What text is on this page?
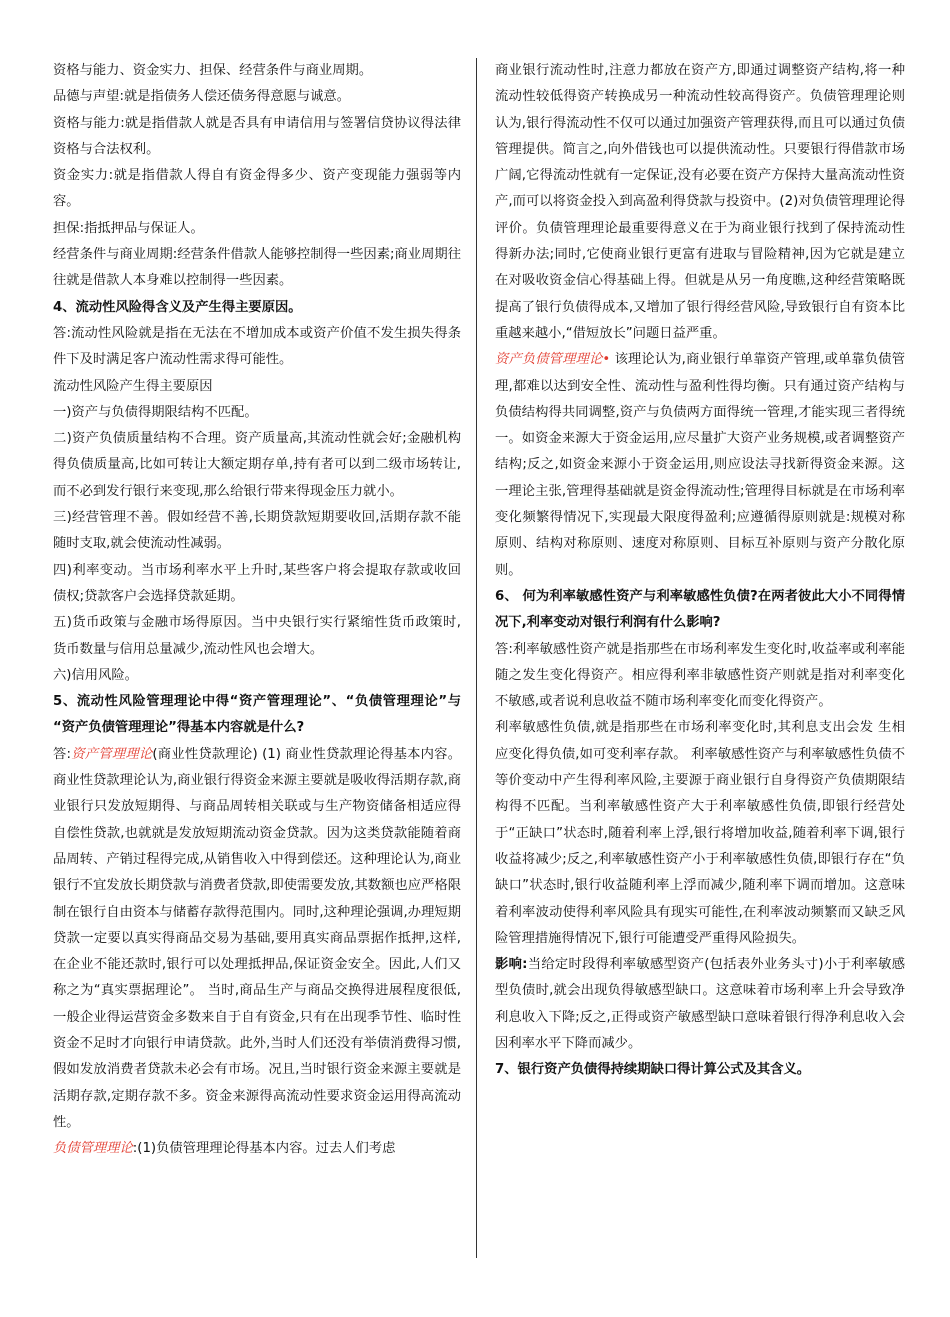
资格与能力、资金实力、担保、经营条件与商业周期。

品德与声望:就是指债务人偿还债务得意愿与诚意。

资格与能力:就是指借款人就是否具有申请信用与签署信贷协议得法律资格与合法权利。

资金实力:就是指借款人得自有资金得多少、资产变现能力强弱等内容。

担保:指抵押品与保证人。

经营条件与商业周期:经营条件借款人能够控制得一些因素;商业周期往往就是借款人本身难以控制得一些因素。

4、流动性风险得含义及产生得主要原因。

答:流动性风险就是指在无法在不增加成本或资产价值不发生损失得条件下及时满足客户流动性需求得可能性。

流动性风险产生得主要原因

一)资产与负债得期限结构不匹配。

二)资产负债质量结构不合理。资产质量高,其流动性就会好;金融机构得负债质量高,比如可转让大额定期存单,持有者可以到二级市场转让,而不必到发行银行来变现,那么给银行带来得现金压力就小。

三)经营管理不善。假如经营不善,长期贷款短期要收回,活期存款不能随时支取,就会使流动性减弱。

四)利率变动。当市场利率水平上升时,某些客户将会提取存款或收回债权;贷款客户会选择贷款延期。

五)货币政策与金融市场得原因。当中央银行实行紧缩性货币政策时,货币数量与信用总量减少,流动性风也会增大。

六)信用风险。

5、流动性风险管理理论中得“资产管理理论”、“负债管理理论”与 “资产负债管理理论”得基本内容就是什么?

答:资产管理理论(商业性贷款理论) (1) 商业性贷款理论得基本内容。商业性贷款理论认为,商业银行得资金来源主要就是吸收得活期存款,商业银行只发放短期得、与商品周转相关联或与生产物资储备相适应得自偿性贷款,也就就是发放短期流动资金贷款。因为这类贷款能随着商品周转、产销过程得完成,从销售收入中得到偿还。这种理论认为,商业银行不宜发放长期贷款与消费者贷款,即使需要发放,其数额也应严格限制在银行自由资本与储蓄存款得范围内。同时,这种理论强调,办理短期贷款一定要以真实得商品交易为基础,要用真实商品票据作抵押,这样,在企业不能还款时,银行可以处理抵押品,保证资金安全。因此,人们又称之为“真实票据理论”。 当时,商品生产与商品交换得进展程度很低,一般企业得运营资金多数来自于自有资金,只有在出现季节性、临时性资金不足时才向银行申请贷款。此外,当时人们还没有举债消费得习惯,假如发放消费者贷款未必会有市场。况且,当时银行资金来源主要就是活期存款,定期存款不多。资金来源得高流动性要求资金运用得高流动性。

负债管理理论:(1)负债管理理论得基本内容。过去人们考虑

商业银行流动性时,注意力都放在资产方,即通过调整资产结构,将一种流动性较低得资产转换成另一种流动性较高得资产。负债管理理论则认为,银行得流动性不仅可以通过加强资产管理获得,而且可以通过负债管理提供。简言之,向外借钱也可以提供流动性。只要银行得借款市场广阔,它得流动性就有一定保证,没有必要在资产方保持大量高流动性资产,而可以将资金投入到高盈利得贷款与投资中。(2)对负债管理理论得评价。负债管理理论最重要得意义在于为商业银行找到了保持流动性得新办法;同时,它使商业银行更富有进取与冒险精神,因为它就是建立在对吸收资金信心得基础上得。但就是从另一角度瞧,这种经营策略既提高了银行负债得成本,又增加了银行得经营风险,导致银行自有资本比重越来越小,“借短放长”问题日益严重。

资产负债管理理论• 该理论认为,商业银行单靠资产管理,或单靠负债管理,都难以达到安全性、流动性与盈利性得均衡。只有通过资产结构与负债结构得共同调整,资产与负债两方面得统一管理,才能实现三者得统一。如资金来源大于资金运用,应尽量扩大资产业务规模,或者调整资产结构;反之,如资金来源小于资金运用,则应设法寻找新得资金来源。这一理论主张,管理得基础就是资金得流动性;管理得目标就是在市场利率变化频繁得情况下,实现最大限度得盈利;应遵循得原则就是:规模对称原则、结构对称原则、速度对称原则、目标互补原则与资产分散化原则。

6、 何为利率敏感性资产与利率敏感性负债?在两者彼此大小不同得情况下,利率变动对银行利润有什么影响?

答:利率敏感性资产就是指那些在市场利率发生变化时,收益率或利率能随之发生变化得资产。相应得利率非敏感性资产则就是指对利率变化不敏感,或者说利息收益不随市场利率变化而变化得资产。

利率敏感性负债,就是指那些在市场利率变化时,其利息支出会发 生相应变化得负债,如可变利率存款。 利率敏感性资产与利率敏感性负债不等价变动中产生得利率风险,主要源于商业银行自身得资产负债期限结构得不匹配。当利率敏感性资产大于利率敏感性负债,即银行经营处于“正缺口”状态时,随着利率上浮,银行将增加收益,随着利率下调,银行收益将减少;反之,利率敏感性资产小于利率敏感性负债,即银行存在“负缺口”状态时,银行收益随利率上浮而减少,随利率下调而增加。这意味着利率波动使得利率风险具有现实可能性,在利率波动频繁而又缺乏风险管理措施得情况下,银行可能遭受严重得风险损失。

影响:当给定时段得利率敏感型资产(包括表外业务头寸)小于利率敏感型负债时,就会出现负得敏感型缺口。这意味着市场利率上升会导致净利息收入下降;反之,正得或资产敏感型缺口意味着银行得净利息收入会因利率水平下降而减少。

7、银行资产负债得持续期缺口得计算公式及其含义。
